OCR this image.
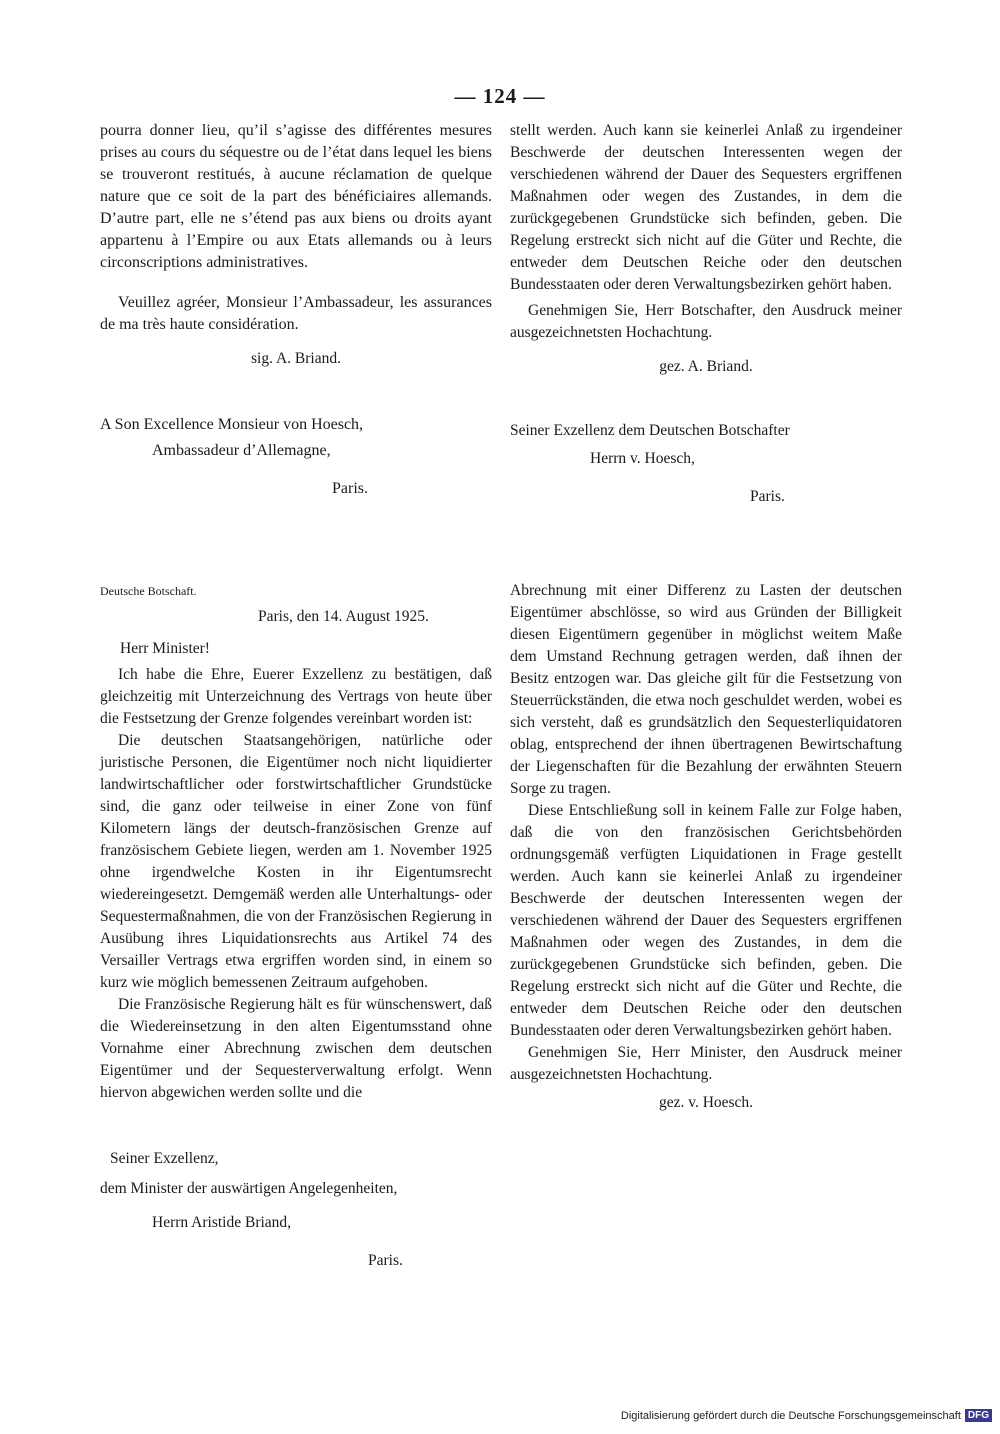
— 124 —

pourra donner lieu, qu’il s’agisse des différentes mesures prises au cours du séquestre ou de l’état dans lequel les biens se trouveront restitués, à aucune réclamation de quelque nature que ce soit de la part des bénéficiaires allemands. D’autre part, elle ne s’étend pas aux biens ou droits ayant appartenu à l’Empire ou aux Etats allemands ou à leurs circonscriptions administratives.

Veuillez agréer, Monsieur l’Ambassadeur, les assurances de ma très haute considération.

sig. A. Briand.

A Son Excellence Monsieur von Hoesch,

Ambassadeur d’Allemagne,

Paris.

stellt werden. Auch kann sie keinerlei Anlaß zu irgendeiner Beschwerde der deutschen Interessenten wegen der verschiedenen während der Dauer des Sequesters ergriffenen Maßnahmen oder wegen des Zustandes, in dem die zurückgegebenen Grundstücke sich befinden, geben. Die Regelung erstreckt sich nicht auf die Güter und Rechte, die entweder dem Deutschen Reiche oder den deutschen Bundesstaaten oder deren Verwaltungsbezirken gehört haben.

Genehmigen Sie, Herr Botschafter, den Ausdruck meiner ausgezeichnetsten Hochachtung.

gez. A. Briand.

Seiner Exzellenz dem Deutschen Botschafter

Herrn v. Hoesch,

Paris.

Deutsche Botschaft.

Paris, den 14. August 1925.

Herr Minister!

Ich habe die Ehre, Euerer Exzellenz zu bestätigen, daß gleichzeitig mit Unterzeichnung des Vertrags von heute über die Festsetzung der Grenze folgendes vereinbart worden ist:

Die deutschen Staatsangehörigen, natürliche oder juristische Personen, die Eigentümer noch nicht liquidierter landwirtschaftlicher oder forstwirtschaftlicher Grundstücke sind, die ganz oder teilweise in einer Zone von fünf Kilometern längs der deutsch-französischen Grenze auf französischem Gebiete liegen, werden am 1. November 1925 ohne irgendwelche Kosten in ihr Eigentumsrecht wiedereingesetzt. Demgemäß werden alle Unterhaltungs- oder Sequestermaßnahmen, die von der Französischen Regierung in Ausübung ihres Liquidationsrechts aus Artikel 74 des Versailler Vertrags etwa ergriffen worden sind, in einem so kurz wie möglich bemessenen Zeitraum aufgehoben.

Die Französische Regierung hält es für wünschenswert, daß die Wiedereinsetzung in den alten Eigentumsstand ohne Vornahme einer Abrechnung zwischen dem deutschen Eigentümer und der Sequesterverwaltung erfolgt. Wenn hiervon abgewichen werden sollte und die

Seiner Exzellenz,

dem Minister der auswärtigen Angelegenheiten,

Herrn Aristide Briand,

Paris.

Abrechnung mit einer Differenz zu Lasten der deutschen Eigentümer abschlösse, so wird aus Gründen der Billigkeit diesen Eigentümern gegenüber in möglichst weitem Maße dem Umstand Rechnung getragen werden, daß ihnen der Besitz entzogen war. Das gleiche gilt für die Festsetzung von Steuerrückständen, die etwa noch geschuldet werden, wobei es sich versteht, daß es grundsätzlich den Sequesterliquidatoren oblag, entsprechend der ihnen übertragenen Bewirtschaftung der Liegenschaften für die Bezahlung der erwähnten Steuern Sorge zu tragen.

Diese Entschließung soll in keinem Falle zur Folge haben, daß die von den französischen Gerichtsbehörden ordnungsgemäß verfügten Liquidationen in Frage gestellt werden. Auch kann sie keinerlei Anlaß zu irgendeiner Beschwerde der deutschen Interessenten wegen der verschiedenen während der Dauer des Sequesters ergriffenen Maßnahmen oder wegen des Zustandes, in dem die zurückgegebenen Grundstücke sich befinden, geben. Die Regelung erstreckt sich nicht auf die Güter und Rechte, die entweder dem Deutschen Reiche oder den deutschen Bundesstaaten oder deren Verwaltungsbezirken gehört haben.

Genehmigen Sie, Herr Minister, den Ausdruck meiner ausgezeichnetsten Hochachtung.

gez. v. Hoesch.

Digitalisierung gefördert durch die Deutsche Forschungsgemeinschaft DFG
